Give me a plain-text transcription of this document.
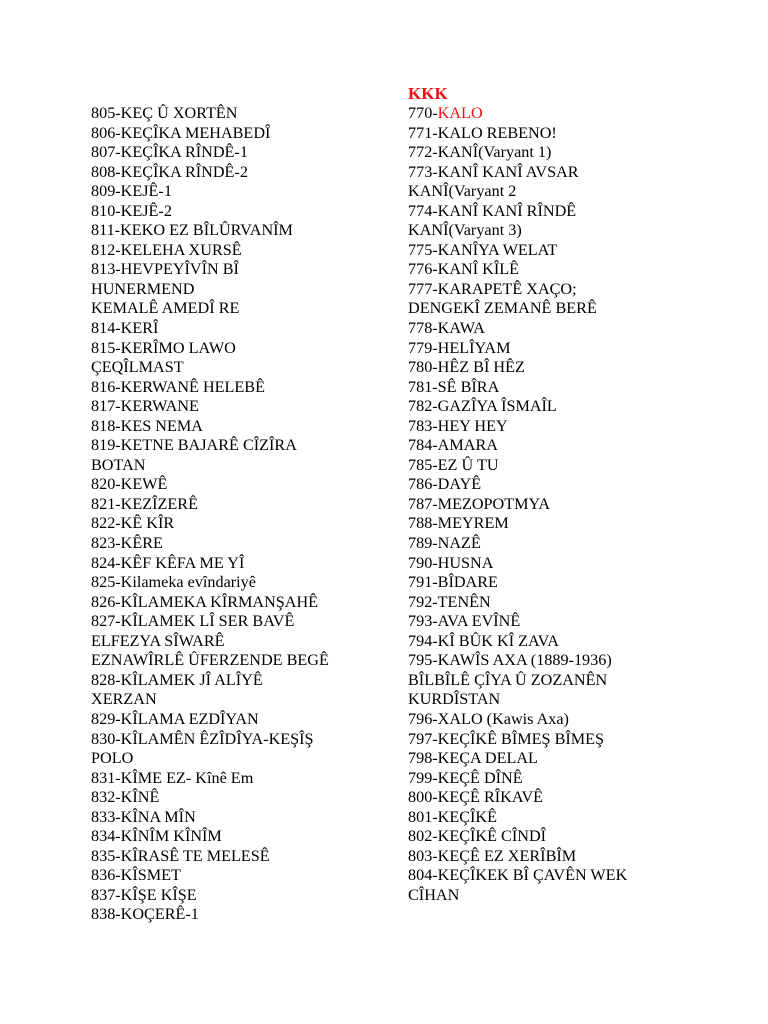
KKK
805-KEÇ Û XORTÊN
806-KEÇÎKA MEHABEDÎ
807-KEÇÎKA RÎNDÊ-1
808-KEÇÎKA RÎNDÊ-2
809-KEJÊ-1
810-KEJÊ-2
811-KEKO EZ BÎLÛRVANÎM
812-KELEHA XURSÊ
813-HEVPEYÎVÎN BÎ
HUNERMEND
KEMALÊ AMEDÎ RE
814-KERÎ
815-KERÎMO LAWO
ÇEQÎLMAST
816-KERWANÊ HELEBÊ
817-KERWANE
818-KES NEMA
819-KETNE BAJARÊ CÎZÎRA
BOTAN
820-KEWÊ
821-KEZÎZERÊ
822-KÊ KÎR
823-KÊRE
824-KÊF KÊFA ME YÎ
825-Kilameka evîndariyê
826-KÎLAMEKA KÎRMANŞAHÊ
827-KÎLAMEK LÎ SER BAVÊ
ELFEZYA SÎWARÊ
EZNAWÎRLÊ ÛFERZENDE BEGÊ
828-KÎLAMEK JÎ ALÎYÊ
XERZAN
829-KÎLAMA EZDÎYAN
830-KÎLAMÊN ÊZÎDÎYA-KEŞÎŞ
POLO
831-KÎME EZ- Kînê Em
832-KÎNÊ
833-KÎNA MÎN
834-KÎNÎM KÎNÎM
835-KÎRASÊ TE MELESÊ
836-KÎSMET
837-KÎŞE KÎŞE
838-KOÇERÊ-1
770-KALO
771-KALO REBENO!
772-KANÎ(Varyant 1)
773-KANÎ KANÎ AVSAR
KANÎ(Varyant 2
774-KANÎ KANÎ RÎNDÊ
KANÎ(Varyant 3)
775-KANÎYA WELAT
776-KANÎ KÎLÊ
777-KARAPETÊ XAÇO;
DENGEKÎ ZEMANÊ BERÊ
778-KAWA
779-HELÎYAM
780-HÊZ BÎ HÊZ
781-SÊ BÎRA
782-GAZÎYA ÎSMAÎL
783-HEY HEY
784-AMARA
785-EZ Û TU
786-DAYÊ
787-MEZOPOTMYA
788-MEYREM
789-NAZÊ
790-HUSNA
791-BÎDARE
792-TENÊN
793-AVA EVÎNÊ
794-KÎ BÛK KÎ ZAVA
795-KAWÎS AXA (1889-1936)
BÎLBÎLÊ ÇÎYA Û ZOZANÊN
KURDÎSTAN
796-XALO (Kawis Axa)
797-KEÇÎKÊ BÎMEŞ BÎMEŞ
798-KEÇA DELAL
799-KEÇÊ DÎNÊ
800-KEÇÊ RÎKAVÊ
801-KEÇÎKÊ
802-KEÇÎKÊ CÎNDÎ
803-KEÇÊ EZ XERÎBÎM
804-KEÇÎKEK BÎ ÇAVÊN WEK
CÎHAN
